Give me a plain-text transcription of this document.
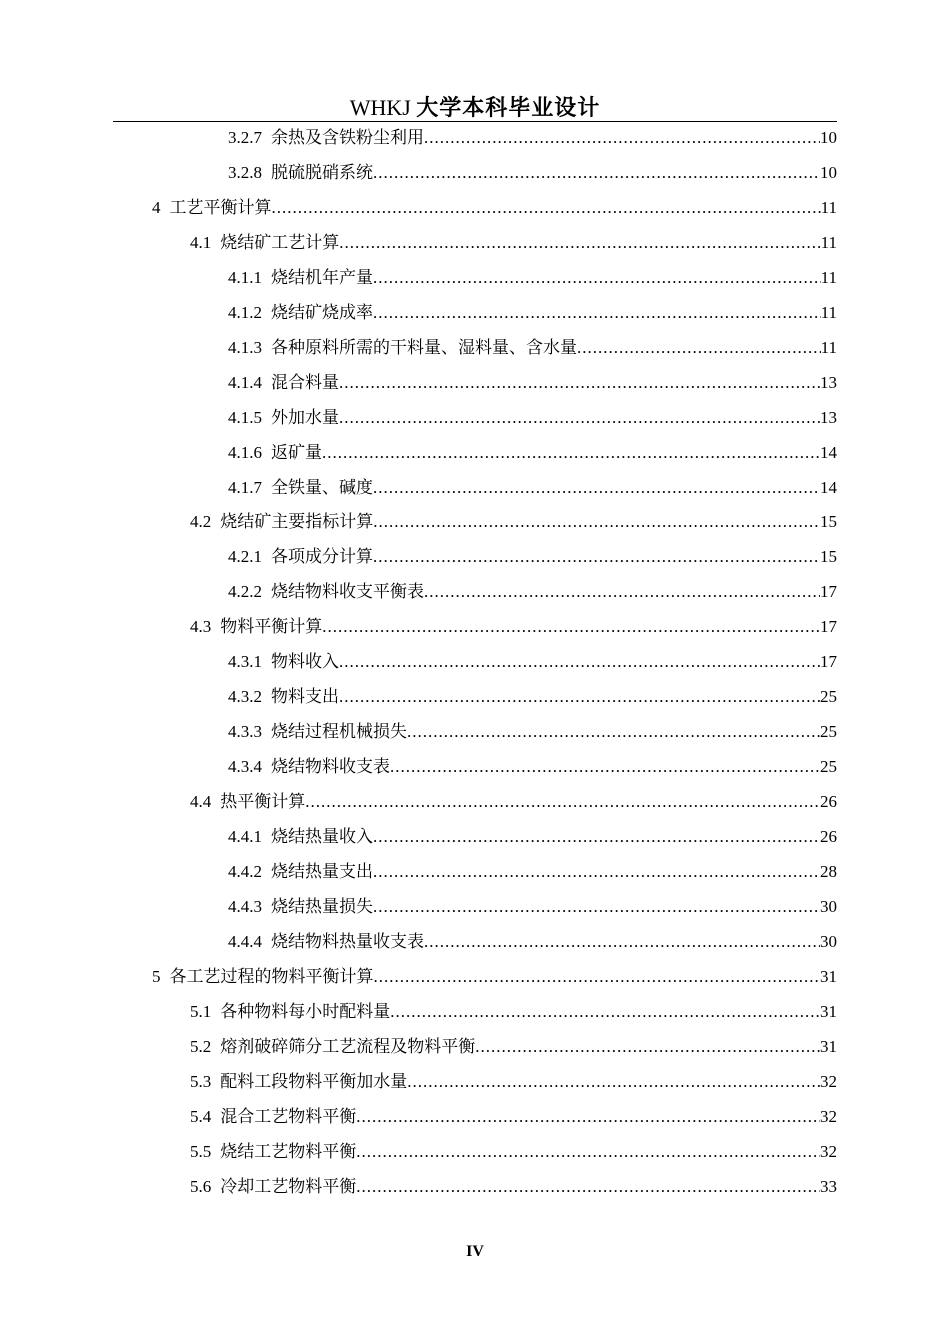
WHKJ 大学本科毕业设计
3.2.7 余热及含铁粉尘利用 .....	10
3.2.8 脱硫脱硝系统 .....	10
4 工艺平衡计算 .....	11
4.1 烧结矿工艺计算 .....	11
4.1.1 烧结机年产量 .....	11
4.1.2 烧结矿烧成率 .....	11
4.1.3 各种原料所需的干料量、湿料量、含水量 .....	11
4.1.4 混合料量 .....	13
4.1.5 外加水量 .....	13
4.1.6 返矿量 .....	14
4.1.7 全铁量、碱度 .....	14
4.2 烧结矿主要指标计算 .....	15
4.2.1 各项成分计算 .....	15
4.2.2 烧结物料收支平衡表 .....	17
4.3 物料平衡计算 .....	17
4.3.1 物料收入 .....	17
4.3.2 物料支出 .....	25
4.3.3 烧结过程机械损失 .....	25
4.3.4 烧结物料收支表 .....	25
4.4 热平衡计算 .....	26
4.4.1 烧结热量收入 .....	26
4.4.2 烧结热量支出 .....	28
4.4.3 烧结热量损失 .....	30
4.4.4 烧结物料热量收支表 .....	30
5 各工艺过程的物料平衡计算 .....	31
5.1 各种物料每小时配料量 .....	31
5.2 熔剂破碎筛分工艺流程及物料平衡 .....	31
5.3 配料工段物料平衡加水量 .....	32
5.4 混合工艺物料平衡 .....	32
5.5 烧结工艺物料平衡 .....	32
5.6 冷却工艺物料平衡 .....	33
IV
